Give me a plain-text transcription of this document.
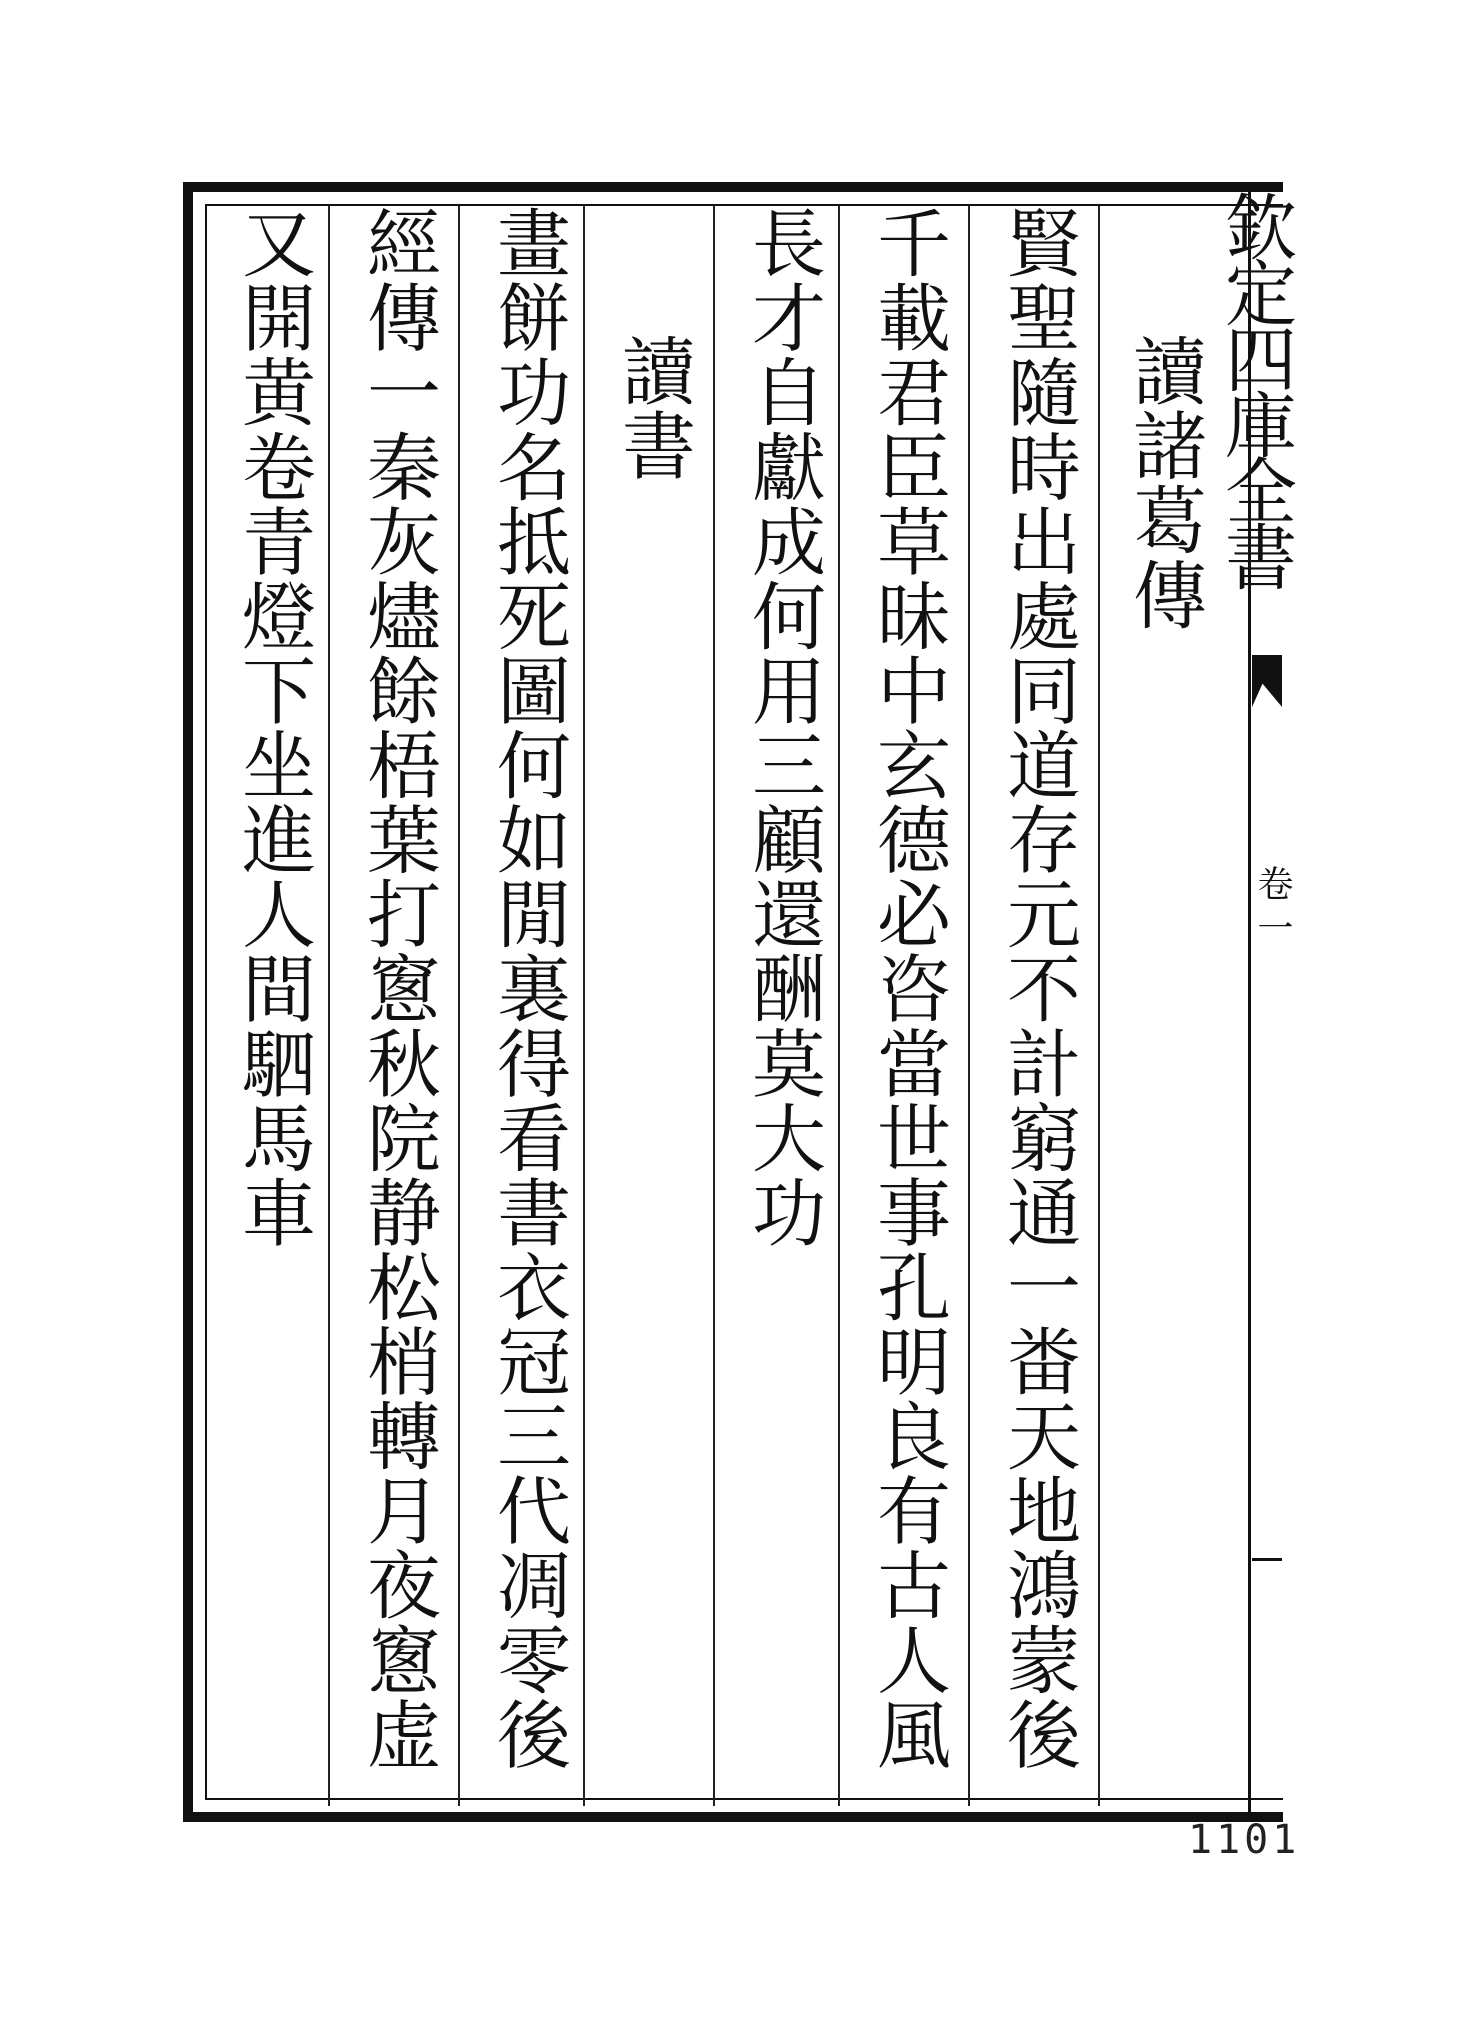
讀諸葛傳
賢聖隨時出處同道存元不計窮通一畨天地鴻蒙後
千載君臣草昧中玄德必咨當世事孔明良有古人風
長才自獻成何用三顧還酬莫大功
讀書
畫餅功名抵死圖何如閒裏得看書衣冠三代凋零後
經傳一秦灰燼餘梧葉打窻秋院静松梢轉月夜窻虚
又開黄卷青燈下坐進人間駟馬車	欽定四庫全書
卷一
1101
